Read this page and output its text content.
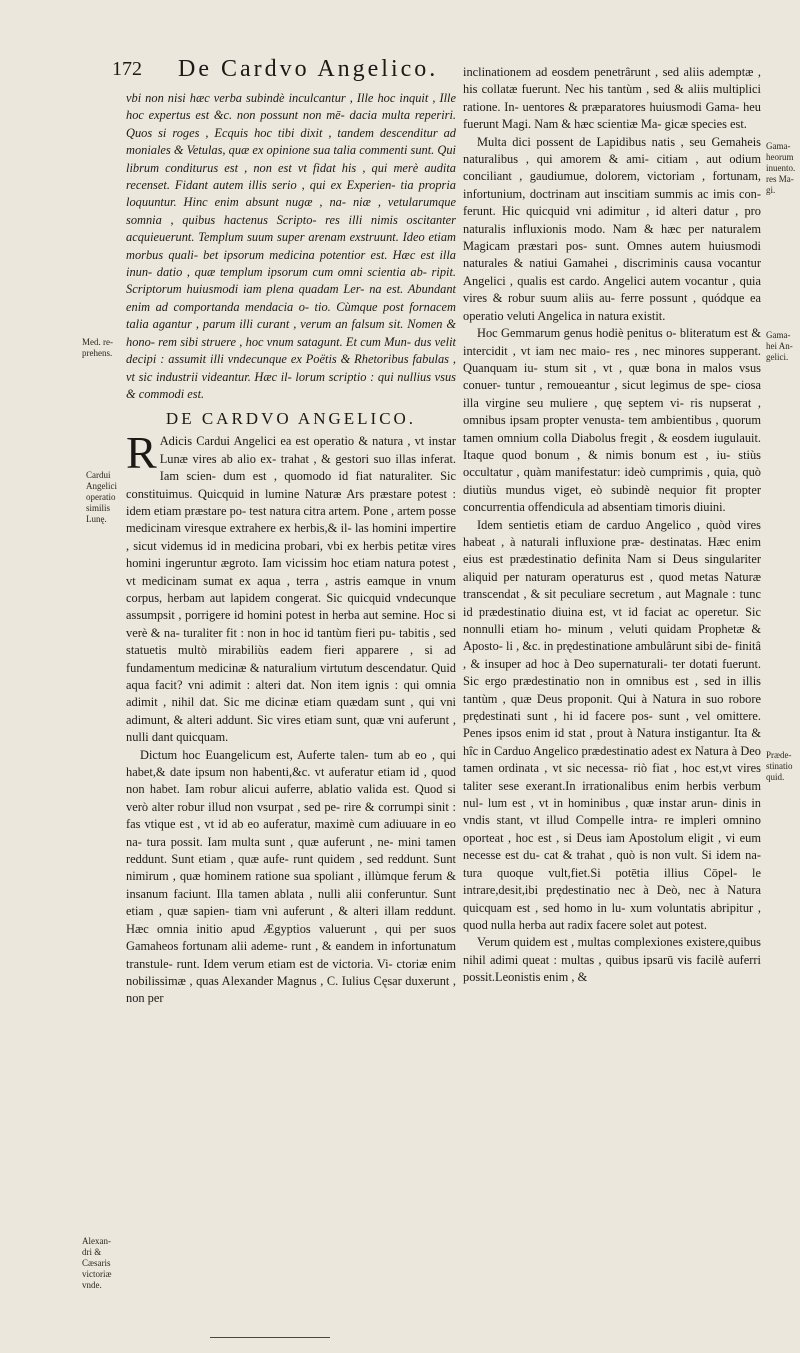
172 De Cardvo Angelico.

vbi non nisi hæc verba subindè inculcantur , Ille hoc inquit , Ille hoc expertus est &c. non possunt non mē- dacia multa reperiri. Quos si roges , Ecquis hoc tibi dixit , tandem descenditur ad moniales & Vetulas, quæ ex opinione sua talia commenti sunt. Qui librum conditurus est , non est vt fidat his , qui merè audita recenset. Fidant autem illis serio , qui ex Experien- tia propria loquuntur. Hinc enim absunt nugæ , na- niæ , vetularumque somnia , quibus hactenus Scripto- res illi nimis oscitanter acquieuerunt. Templum suum super arenam exstruunt. Ideo etiam morbus quali- bet ipsorum medicina potentior est. Hæc est illa inun- datio , quæ templum ipsorum cum omni scientia ab- ripit. Scriptorum huiusmodi iam plena quadam Ler- na est. Abundant enim ad comportanda mendacia o- tio. Cùmque post fornacem talia agantur , parum illi curant , verum an falsum sit. Nomen & hono- rem sibi struere , hoc vnum satagunt. Et cum Mun- dus velit decipi : assumit illi vndecunque ex Poëtis & Rhetoribus fabulas , vt sic industrii videantur. Hæc il- lorum scriptio : qui nullius vsus & commodi est.

DE CARDVO ANGELICO.

R Adicis Cardui Angelici ea est operatio & natura , vt instar Lunæ vires ab alio ex- trahat , & gestori suo illas inferat. Iam scien- dum est , quomodo id fiat naturaliter. Sic constituimus. Quicquid in lumine Naturæ Ars præstare potest : idem etiam præstare po- test natura citra artem. Pone , artem posse medicinam viresque extrahere ex herbis,& il- las homini impertire , sicut videmus id in medicina probari, vbi ex herbis petitæ vires homini ingeruntur ægroto. Iam vicissim hoc etiam natura potest , vt medicinam sumat ex aqua , terra , astris eamque in vnum corpus, herbam aut lapidem congerat. Sic quicquid vndecunque assumpsit , porrigere id homini potest in herba aut semine. Hoc si verè & na- turaliter fit : non in hoc id tantùm fieri pu- tabitis , sed statuetis multò mirabiliùs eadem fieri apparere , si ad fundamentum medicinæ & naturalium virtutum descendatur. Quid aqua facit? vni adimit : alteri dat. Non item ignis : qui omnia adimit , nihil dat. Sic me dicinæ etiam quædam sunt , qui vni adimunt, & alteri addunt. Sic vires etiam sunt, quæ vni auferunt , nulli dant quicquam.

Dictum hoc Euangelicum est, Auferte talen- tum ab eo , qui habet,& date ipsum non habenti,&c. vt auferatur etiam id , quod non habet. Iam robur alicui auferre, ablatio valida est. Quod si verò alter robur illud non vsurpat , sed pe- rire & corrumpi sinit : fas vtique est , vt id ab eo auferatur, maximè cum adiuuare in eo na- tura possit. Iam multa sunt , quæ auferunt , ne- mini tamen reddunt. Sunt etiam , quæ aufe- runt quidem , sed reddunt. Sunt nimirum , quæ hominem ratione sua spoliant , illùmque ferum & insanum faciunt. Illa tamen ablata , nulli alii conferuntur. Sunt etiam , quæ sapien- tiam vni auferunt , & alteri illam reddunt. Hæc omnia initio apud Ægyptios valuerunt , qui per suos Gamaheos fortunam alii ademe- runt , & eandem in infortunatum transtule- runt. Idem verum etiam est de victoria. Vi- ctoriæ enim nobilissimæ , quas Alexander Magnus , C. Iulius Cęsar duxerunt , non per

inclinationem ad eosdem penetrârunt , sed aliis ademptæ , his collatæ fuerunt. Nec his tantùm , sed & aliis multiplici ratione. In- uentores & præparatores huiusmodi Gama- heu fuerunt Magi. Nam & hæc scientiæ Ma- gicæ species est.

Multa dici possent de Lapidibus natis , seu Gemaheis naturalibus , qui amorem & ami- citiam , aut odium conciliant , gaudiumue, dolorem, victoriam , fortunam, infortunium, doctrinam aut inscitiam summis ac imis con- ferunt. Hic quicquid vni adimitur , id alteri datur , pro naturalis influxionis modo. Nam & hæc per naturalem Magicam præstari pos- sunt. Omnes autem huiusmodi naturales & natiui Gamahei , discriminis causa vocantur Angelici , qualis est cardo. Angelici autem vocantur , quia vires & robur suum aliis au- ferre possunt , quódque ea operatio veluti Angelica in natura existit.

Hoc Gemmarum genus hodiè penitus o- bliteratum est & intercidit , vt iam nec maio- res , nec minores supperant. Quanquam iu- stum sit , vt , quæ bona in malos vsus conuer- tuntur , remoueantur , sicut legimus de spe- ciosa illa virgine seu muliere , quę septem vi- ris nupserat , omnibus ipsam propter venusta- tem ambientibus , quorum tamen omnium colla Diabolus fregit , & eosdem iugulauit. Itaque quod bonum , & nimis bonum est , iu- stiùs occultatur , quàm manifestatur: ideò cumprimis , quia, quò diutiùs mundus viget, eò subindè nequior fit propter concurrentia offendicula ad absentiam timoris diuini.

Idem sentietis etiam de carduo Angelico , quòd vires habeat , à naturali influxione præ- destinatas. Hæc enim eius est prædestinatio definita Nam si Deus singulariter aliquid per naturam operaturus est , quod metas Naturæ transcendat , & sit peculiare secretum , aut Magnale : tunc id prædestinatio diuina est, vt id faciat ac operetur. Sic nonnulli etiam ho- minum , veluti quidam Prophetæ & Aposto- li , &c. in prędestinatione ambulârunt sibi de- finitâ , & insuper ad hoc à Deo supernaturali- ter dotati fuerunt. Sic ergo prædestinatio non in omnibus est , sed in illis tantùm , quæ Deus proponit. Qui à Natura in suo robore prędestinati sunt , hi id facere pos- sunt , vel omittere. Penes ipsos enim id stat , prout à Natura instigantur. Ita & hîc in Carduo Angelico prædestinatio adest ex Natura à Deo tamen ordinata , vt sic necessa- riò fiat , hoc est,vt vires taliter sese exerant.In irrationalibus enim herbis verbum nul- lum est , vt in hominibus , quæ instar arun- dinis in vndis stant, vt illud Compelle intra- re impleri omnino oporteat , hoc est , si Deus iam Apostolum eligit , vi eum necesse est du- cat & trahat , quò is non vult. Si idem na- tura quoque vult,fiet.Si potētia illius Cōpel- le intrare,desit,ibi prędestinatio nec à Deò, nec à Natura quicquam est , sed homo in lu- xum voluntatis abripitur , quod nulla herba aut radix facere solet aut potest.

Verum quidem est , multas complexiones existere,quibus nihil adimi queat : multas , quibus ipsarū vis facilè auferri possit.Leonistis enim , &

Med. re-
prehens.
Cardui
Angelici
operatio
similis
Lunę.
Gama-
heorum
inuento.
res Ma-
gi.
Gama-
hei An-
gelici.
Præde-
stinatio
quid.
Alexan-
dri &
Cæsaris
victoriæ
vnde.
